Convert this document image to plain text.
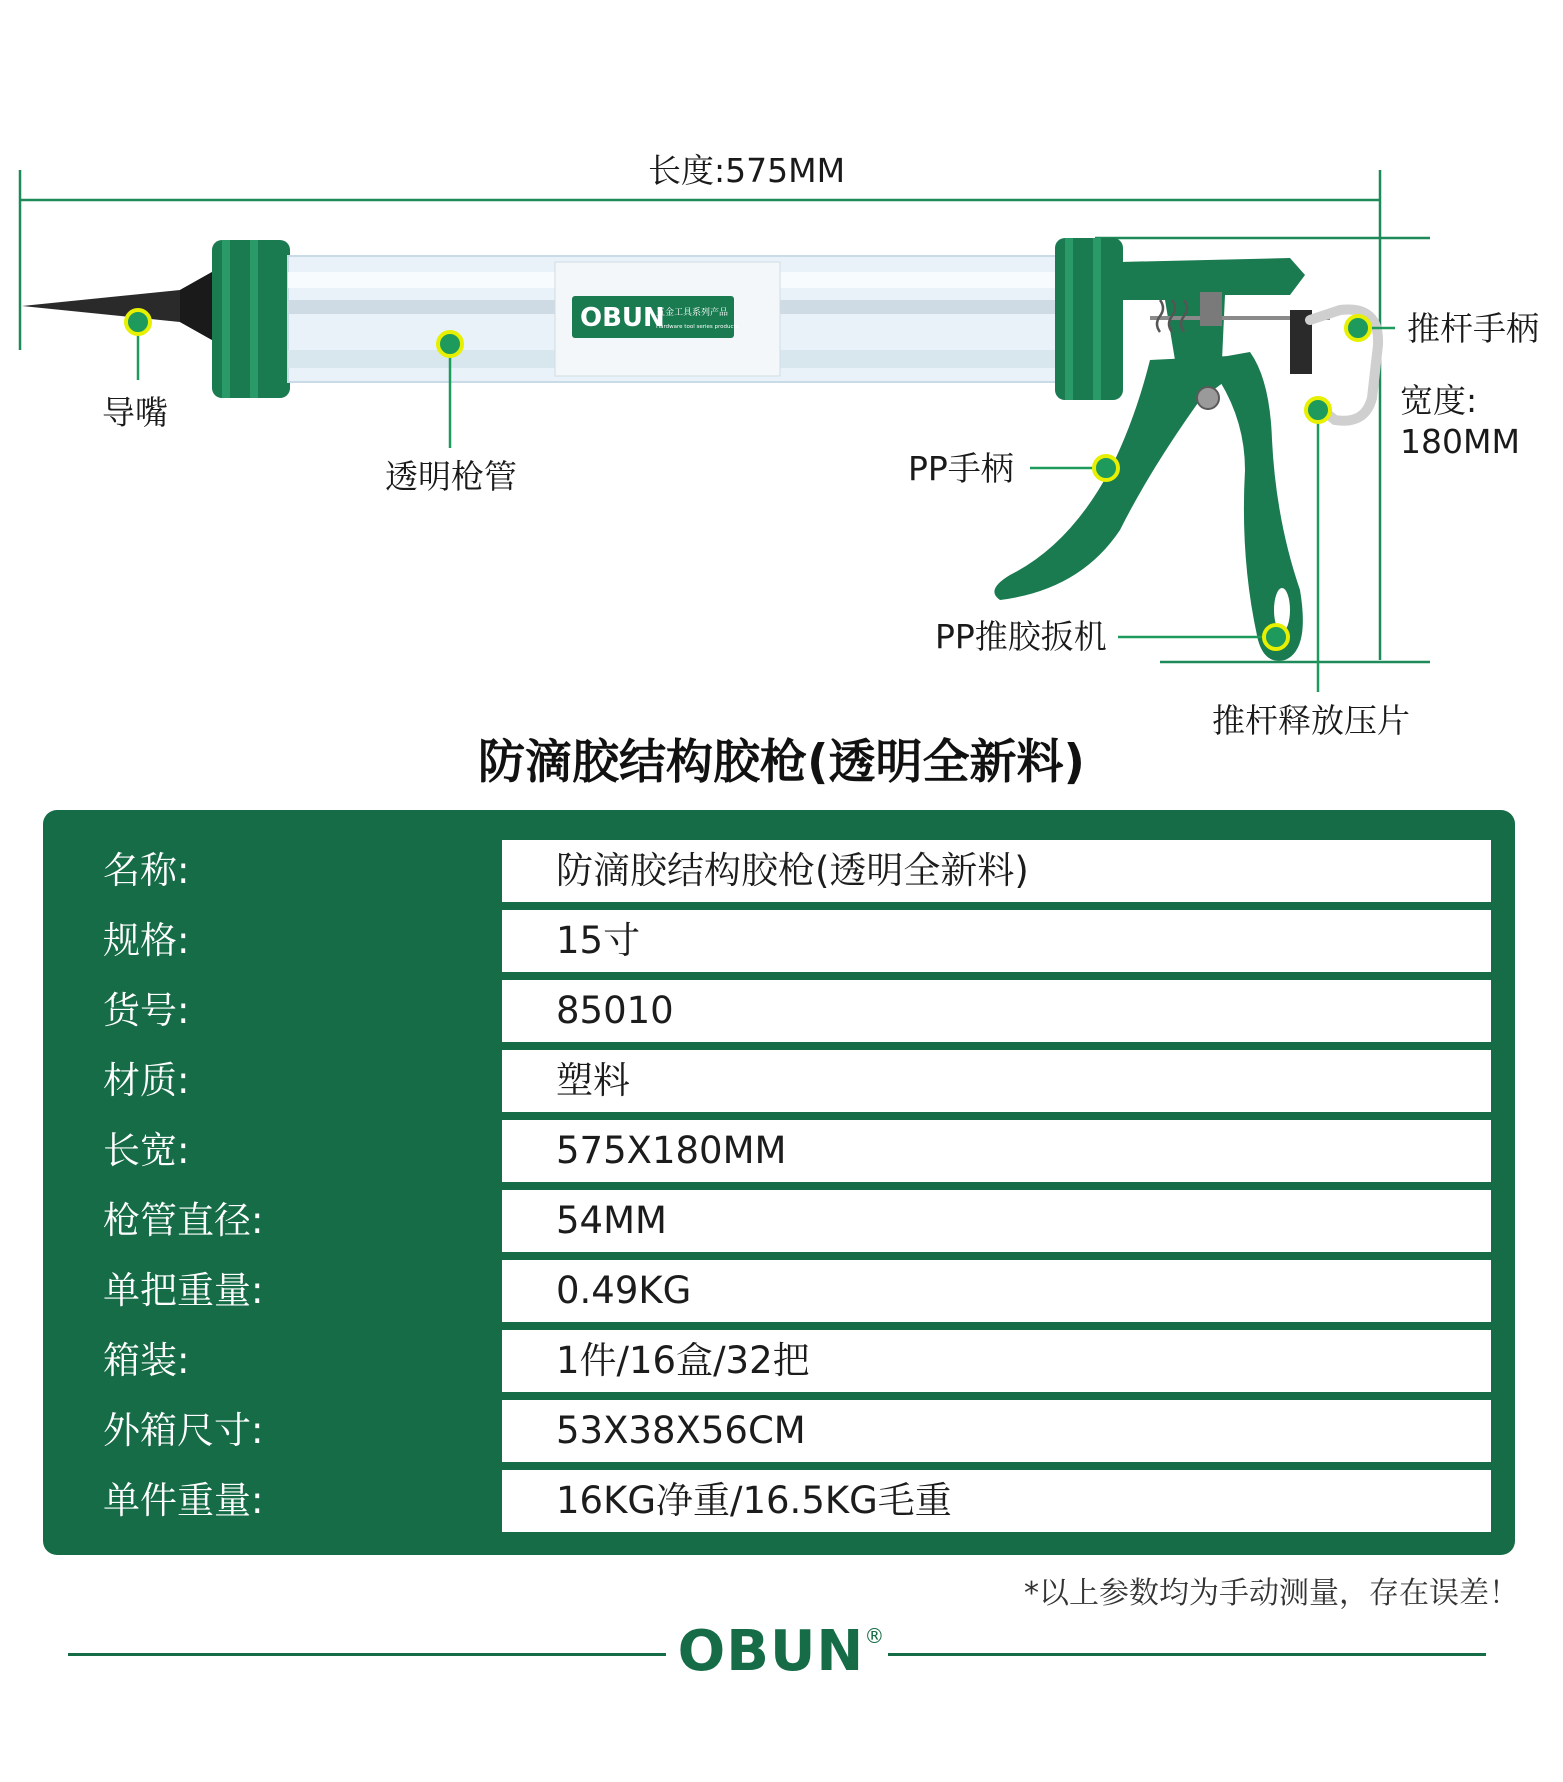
OBUN
五金工具系列产品
Hardware tool series products
长度:575MM
导嘴
透明枪管	PP手柄
PP推胶扳机
推杆手柄
宽度:
180MM
推杆释放压片
防滴胶结构胶枪(透明全新料)
名称:	防滴胶结构胶枪(透明全新料)
规格:	15寸
货号:	85010
材质:	塑料
长宽:	575X180MM
枪管直径:	54MM
单把重量:	0.49KG
箱装:	1件/16盒/32把
外箱尺寸:	53X38X56CM
单件重量:	16KG净重/16.5KG毛重
*以上参数均为手动测量，存在误差！
OBUN®
